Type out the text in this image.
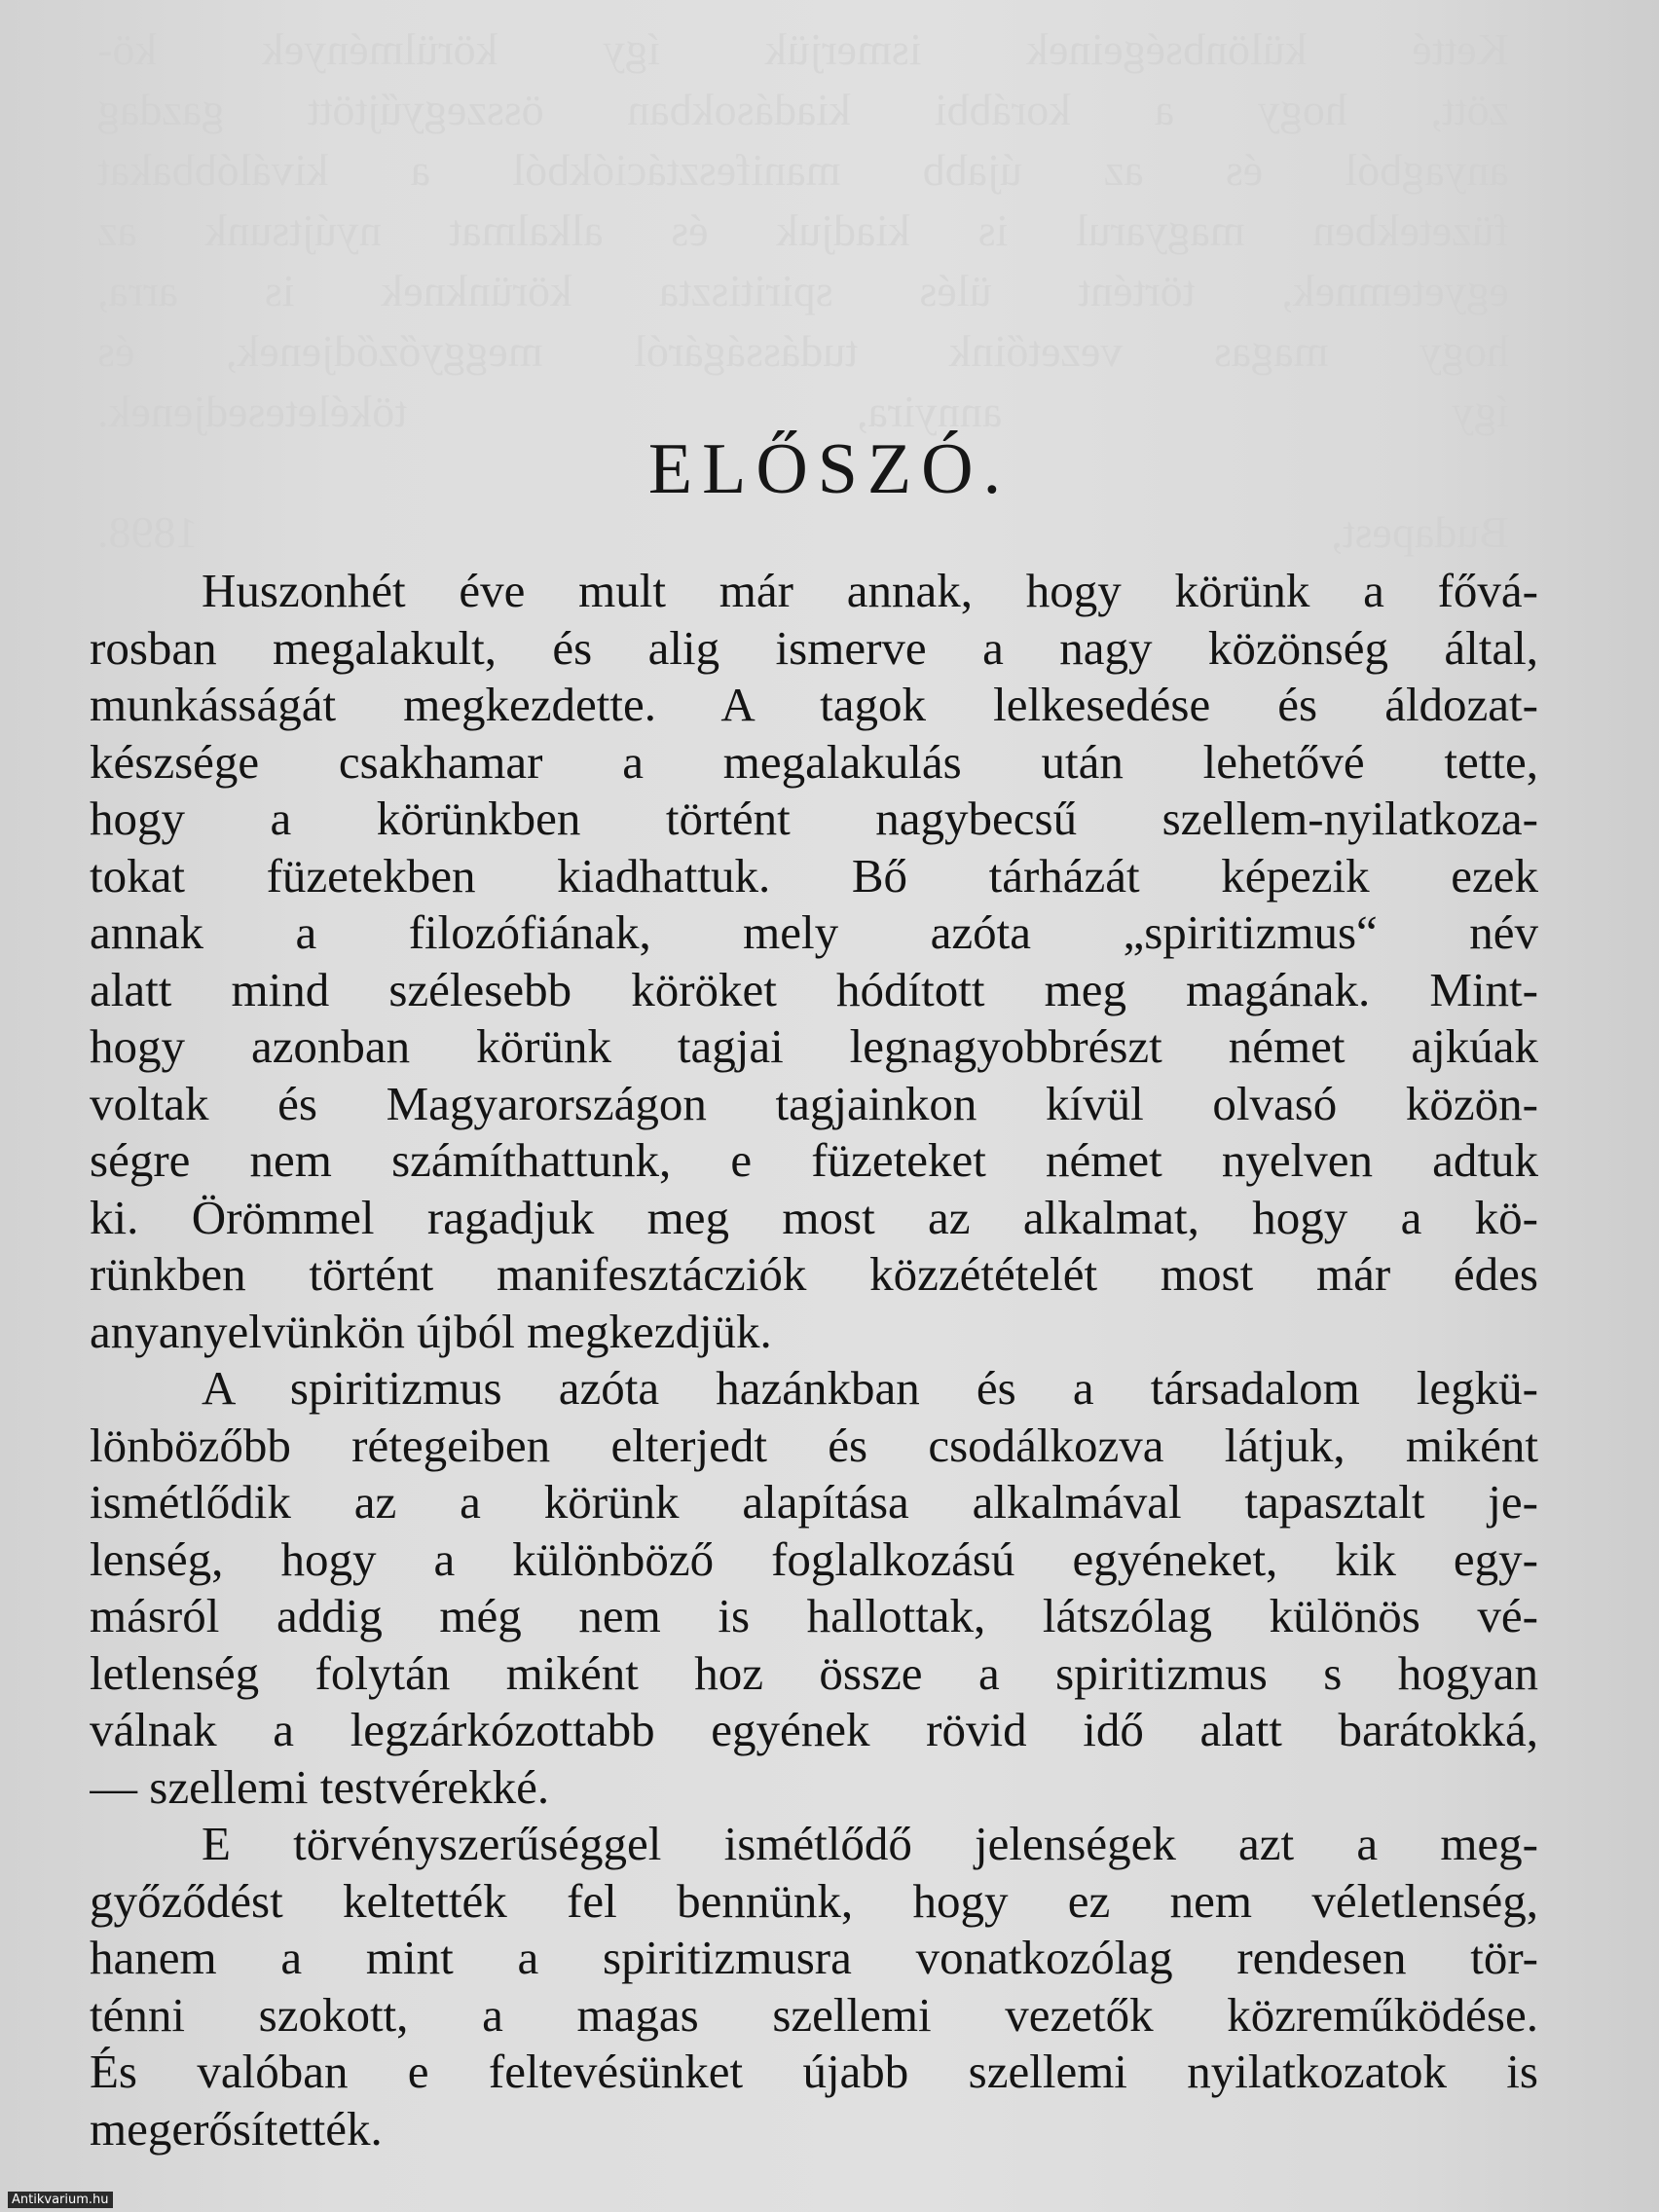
Ketté különbségeinek ismerjük így körülmények kö-
zött, hogy a korábbi kiadásokban összegyűjtött gazdag
anyagból és az újabb manifesztációkból a kiválóbbakat
füzetekben magyarul is kiadjuk és alkalmat nyújtsunk az
egyetemnek, történt ülés spiritiszta körünknek is arra,
hogy magas vezetőink tudásságáról meggyőződjenek, és
így annyira, tökéletesedjenek.

Budapest, 1898.
ELŐSZÓ.
Huszonhét éve mult már annak, hogy körünk a fővá-
rosban megalakult, és alig ismerve a nagy közönség által,
munkásságát megkezdette. A tagok lelkesedése és áldozat-
készsége csakhamar a megalakulás után lehetővé tette,
hogy a körünkben történt nagybecsű szellem-nyilatkoza-
tokat füzetekben kiadhattuk. Bő tárházát képezik ezek
annak a filozófiának, mely azóta „spiritizmus“ név
alatt mind szélesebb köröket hódított meg magának. Mint-
hogy azonban körünk tagjai legnagyobbrészt német ajkúak
voltak és Magyarországon tagjainkon kívül olvasó közön-
ségre nem számíthattunk, e füzeteket német nyelven adtuk
ki. Örömmel ragadjuk meg most az alkalmat, hogy a kö-
rünkben történt manifesztácziók közzétételét most már édes
anyanyelvünkön újból megkezdjük.
A spiritizmus azóta hazánkban és a társadalom legkü-
lönbözőbb rétegeiben elterjedt és csodálkozva látjuk, miként
ismétlődik az a körünk alapítása alkalmával tapasztalt je-
lenség, hogy a különböző foglalkozású egyéneket, kik egy-
másról addig még nem is hallottak, látszólag különös vé-
letlenség folytán miként hoz össze a spiritizmus s hogyan
válnak a legzárkózottabb egyének rövid idő alatt barátokká,
— szellemi testvérekké.
E törvényszerűséggel ismétlődő jelenségek azt a meg-
győződést keltették fel bennünk, hogy ez nem véletlenség,
hanem a mint a spiritizmusra vonatkozólag rendesen tör-
ténni szokott, a magas szellemi vezetők közreműködése.
És valóban e feltevésünket újabb szellemi nyilatkozatok is
megerősítették.
Antikvarium.hu
